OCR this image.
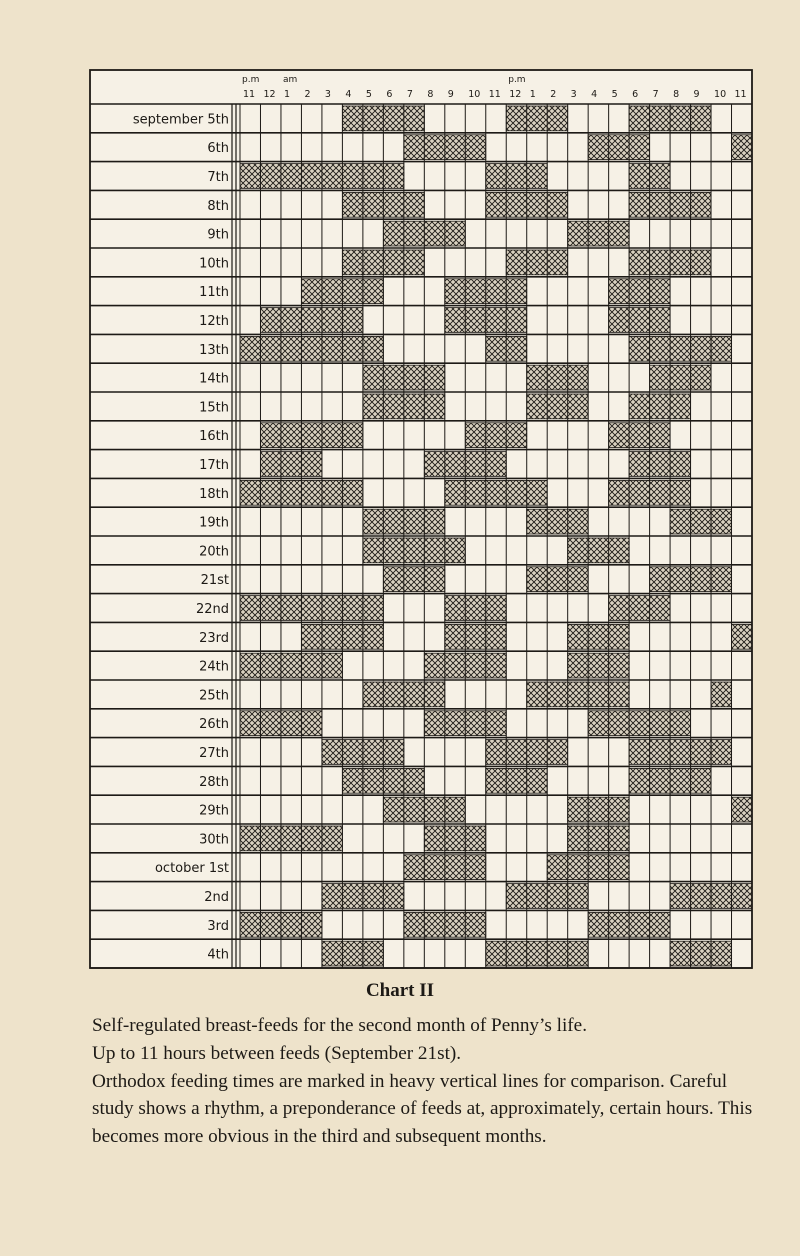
p.m	am	p.m
11 12 1 2 3 4 5 6 7 8 9 10 11 12 1 2 3 4 5 6 7 8 9 10 11
september 5th
6th
7th
8th
9th
10th
11th
12th
13th
14th
15th
16th
17th
18th
19th
20th
21st
22nd
23rd
24th
25th
26th
27th
28th
29th
30th
october 1st
2nd
3rd
4th
Chart II

Self-regulated breast-feeds for the second month of Penny’s life.

Up to 11 hours between feeds (September 21st).

Orthodox feeding times are marked in heavy vertical lines for comparison. Careful study shows a rhythm, a preponderance of feeds at, approximately, certain hours. This becomes more obvious in the third and subsequent months.
